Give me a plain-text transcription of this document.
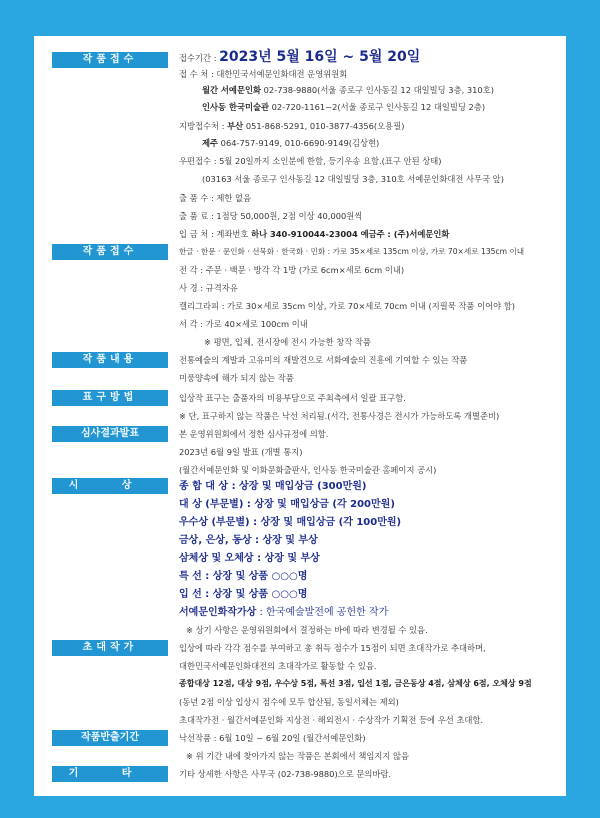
작품접수	접수기간 : 2023년 5월 16일 ~ 5월 20일
접 수 처 : 대한민국서예문인화대전 운영위원회
월간 서예문인화 02-738-9880(서울 종로구 인사동길 12 대일빌딩 3층, 310호)
인사동 한국미술관 02-720-1161~2(서울 종로구 인사동길 12 대일빌딩 2층)
지방접수처 : 부산 051-868-5291, 010-3877-4356(오용필)
제주 064-757-9149, 010-6690-9149(김상현)
우편접수 : 5월 20일까지 소인분에 한함, 등기우송 요함.(표구 안된 상태)
(03163 서울 종로구 인사동길 12 대일빌딩 3층, 310호 서예문인화대전 사무국 앞)
출 품 수 : 제한 없음
출 품 료 : 1점당 50,000원, 2점 이상 40,000원씩
입 금 처 : 계좌번호 하나 340-910044-23004 예금주 : (주)서예문인화
작품접수	한글 · 한문 · 문인화 · 선묵화 · 한국화 · 민화 : 가로 35×세로 135cm 이상, 가로 70×세로 135cm 이내
전 각 : 주문 · 백문 · 방각 각 1방 (가로 6cm×세로 6cm 이내)
사 경 : 규격자유
캘리그라피 : 가로 30×세로 35cm 이상, 가로 70×세로 70cm 이내 (지필묵 작품 이어야 함)
서 각 : 가로 40×세로 100cm 이내
※ 평면, 입체, 전시장에 전시 가능한 창작 작품
작품내용	전통예술의 계발과 고유미의 재발견으로 서화예술의 진흥에 기여할 수 있는 작품
미풍양속에 해가 되지 않는 작품
표구방법	입상작 표구는 출품자의 비용부담으로 주최측에서 일괄 표구함.
※ 단, 표구하지 않는 작품은 낙선 처리됨.(서각, 전통사경은 전시가 가능하도록 개별준비)
심사결과발표	본 운영위원회에서 정한 심사규정에 의함.
2023년 6월 9일 발표 (개별 통지)
(월간서예문인화 및 이화문화출판사, 인사동 한국미술관 홈페이지 공시)
시 상	종 합 대 상 : 상장 및 매입상금 (300만원)
대 상 (부문별) : 상장 및 매입상금 (각 200만원)
우수상 (부문별) : 상장 및 매입상금 (각 100만원)
금상, 은상, 동상 : 상장 및 부상
삼체상 및 오체상 : 상장 및 부상
특 선 : 상장 및 상품 ○○○명
입 선 : 상장 및 상품 ○○○명
서예문인화작가상 : 한국예술발전에 공헌한 작가
※ 상기 사항은 운영위원회에서 결정하는 바에 따라 변경될 수 있음.
초대작가	입상에 따라 각각 점수를 부여하고 총 취득 점수가 15점이 되면 초대작가로 추대하며,
대한민국서예문인화대전의 초대작가로 활동할 수 있음.
종합대상 12점, 대상 9점, 우수상 5점, 특선 3점, 입선 1점, 금은동상 4점, 삼체상 6점, 오체상 9점
(동년 2점 이상 입상시 점수에 모두 합산됨, 동일서체는 제외)
초대작가전 · 월간서예문인화 지상전 · 해외전시 · 수상작가 기획전 등에 우선 초대함.
작품반출기간	낙선작품 : 6월 10일 ~ 6월 20일 (월간서예문인화)
※ 위 기간 내에 찾아가지 않는 작품은 본회에서 책임지지 않음
기 타	기타 상세한 사항은 사무국 (02-738-9880)으로 문의바람.
